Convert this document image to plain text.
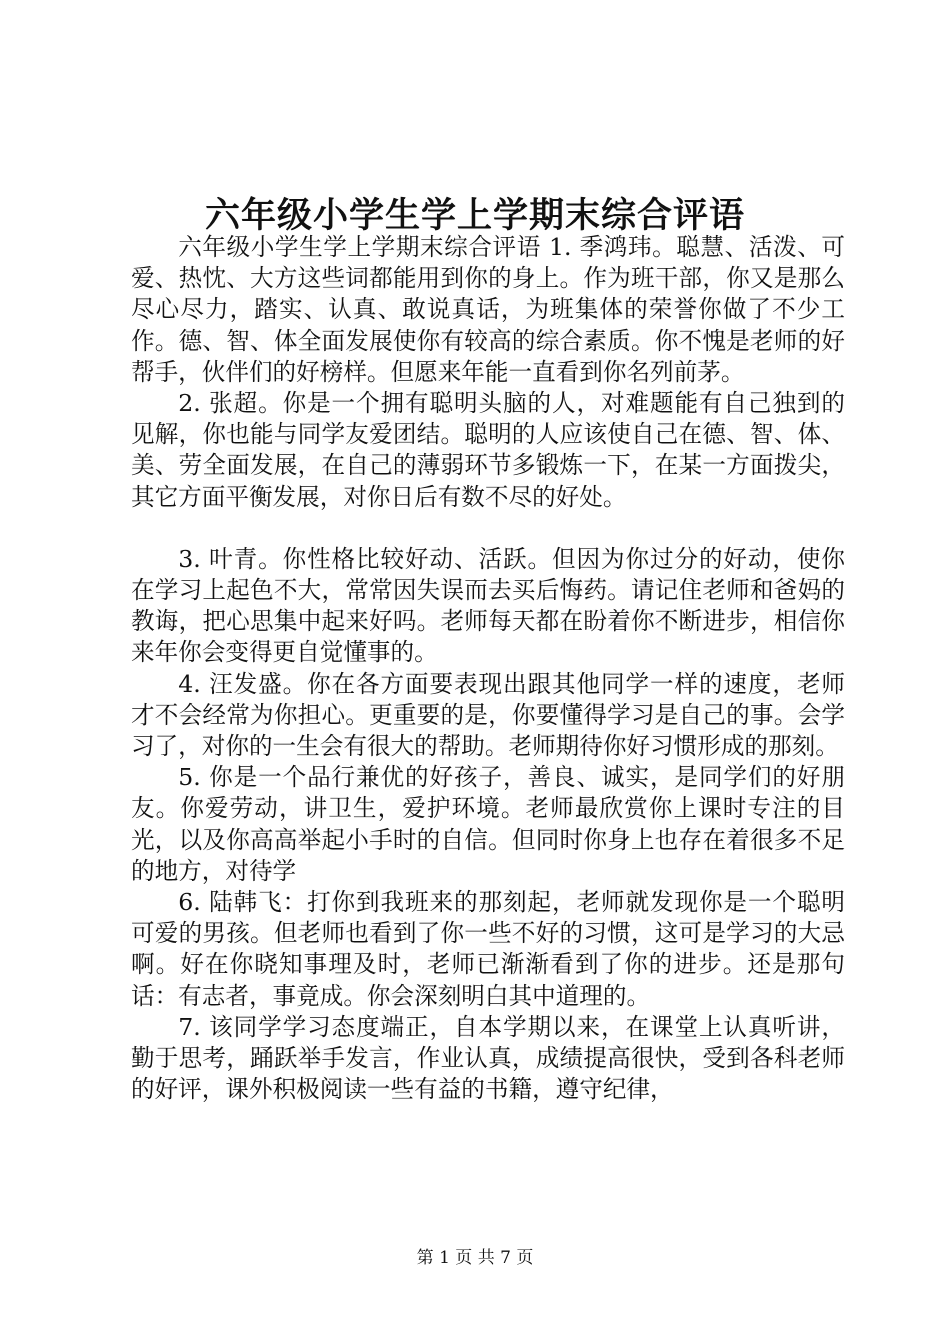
六年级小学生学上学期末综合评语

六年级小学生学上学期末综合评语 1. 季鸿玮。聪慧、活泼、可爱、热忱、大方这些词都能用到你的身上。作为班干部，你又是那么尽心尽力，踏实、认真、敢说真话，为班集体的荣誉你做了不少工作。德、智、体全面发展使你有较高的综合素质。你不愧是老师的好帮手，伙伴们的好榜样。但愿来年能一直看到你名列前茅。

2. 张超。你是一个拥有聪明头脑的人，对难题能有自己独到的见解，你也能与同学友爱团结。聪明的人应该使自己在德、智、体、美、劳全面发展，在自己的薄弱环节多锻炼一下，在某一方面拨尖，其它方面平衡发展，对你日后有数不尽的好处。

3. 叶青。你性格比较好动、活跃。但因为你过分的好动，使你在学习上起色不大，常常因失误而去买后悔药。请记住老师和爸妈的教诲，把心思集中起来好吗。老师每天都在盼着你不断进步，相信你来年你会变得更自觉懂事的。

4. 汪发盛。你在各方面要表现出跟其他同学一样的速度，老师才不会经常为你担心。更重要的是，你要懂得学习是自己的事。会学习了，对你的一生会有很大的帮助。老师期待你好习惯形成的那刻。

5. 你是一个品行兼优的好孩子，善良、诚实，是同学们的好朋友。你爱劳动，讲卫生，爱护环境。老师最欣赏你上课时专注的目光，以及你高高举起小手时的自信。但同时你身上也存在着很多不足的地方，对待学

6. 陆韩飞：打你到我班来的那刻起，老师就发现你是一个聪明可爱的男孩。但老师也看到了你一些不好的习惯，这可是学习的大忌啊。好在你晓知事理及时，老师已渐渐看到了你的进步。还是那句话：有志者，事竟成。你会深刻明白其中道理的。

7. 该同学学习态度端正，自本学期以来，在课堂上认真听讲，勤于思考，踊跃举手发言，作业认真，成绩提高很快，受到各科老师的好评，课外积极阅读一些有益的书籍，遵守纪律，

第 1 页 共 7 页
